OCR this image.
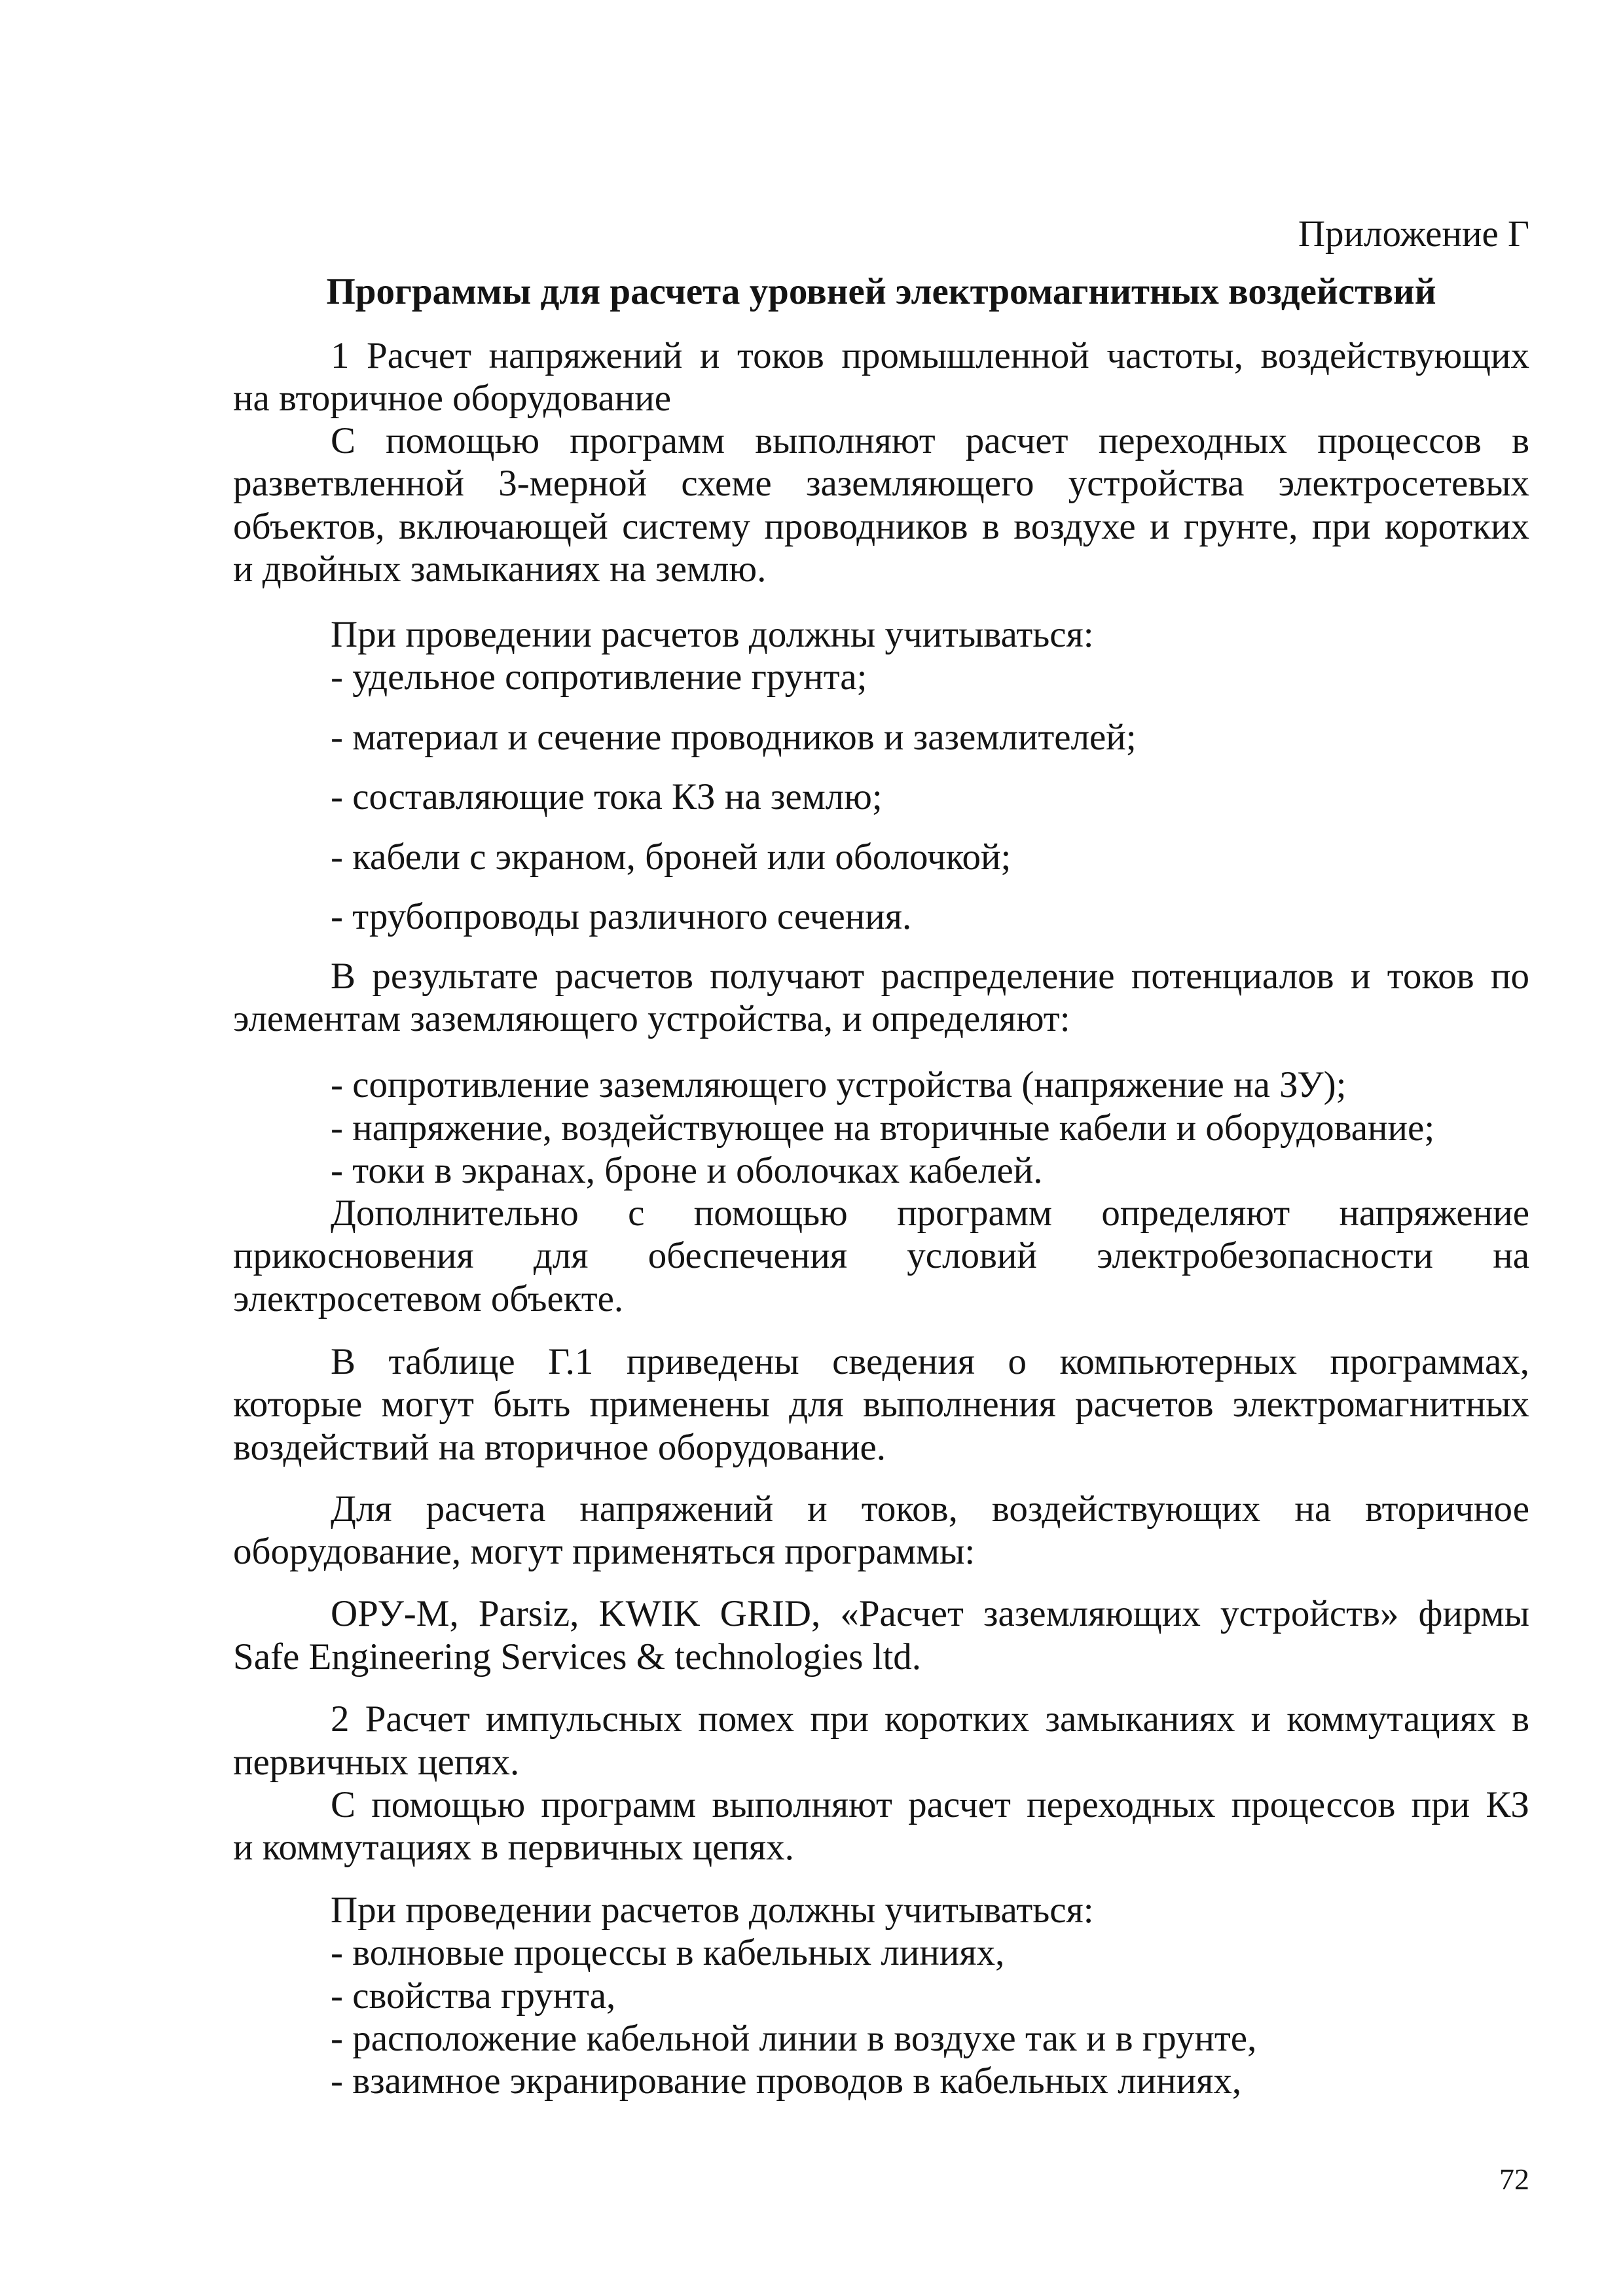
Приложение Г
Программы для расчета уровней электромагнитных воздействий
1 Расчет напряжений и токов промышленной частоты, воздействующих
на вторичное оборудование
С помощью программ выполняют расчет переходных процессов в
разветвленной 3-мерной схеме заземляющего устройства электросетевых
объектов, включающей систему проводников в воздухе и грунте, при коротких
и двойных замыканиях на землю.
При проведении расчетов должны учитываться:
- удельное сопротивление грунта;
- материал и сечение проводников и заземлителей;
- составляющие тока КЗ на землю;
- кабели с экраном, броней или оболочкой;
- трубопроводы различного сечения.
В результате расчетов получают распределение потенциалов и токов по
элементам заземляющего устройства, и определяют:
- сопротивление заземляющего устройства (напряжение на ЗУ);
- напряжение, воздействующее на вторичные кабели и оборудование;
- токи в экранах, броне и оболочках кабелей.
Дополнительно с помощью программ определяют напряжение
прикосновения для обеспечения условий электробезопасности на
электросетевом объекте.
В таблице Г.1 приведены сведения о компьютерных программах,
которые могут быть применены для выполнения расчетов электромагнитных
воздействий на вторичное оборудование.
Для расчета напряжений и токов, воздействующих на вторичное
оборудование, могут применяться программы:
ОРУ-М, Parsiz, KWIK GRID, «Расчет заземляющих устройств» фирмы
Safe Engineering Services & technologies ltd.
2 Расчет импульсных помех при коротких замыканиях и коммутациях в
первичных цепях.
С помощью программ выполняют расчет переходных процессов при КЗ
и коммутациях в первичных цепях.
При проведении расчетов должны учитываться:
- волновые процессы в кабельных линиях,
- свойства грунта,
- расположение кабельной линии в воздухе так и в грунте,
- взаимное экранирование проводов в кабельных линиях,
72
